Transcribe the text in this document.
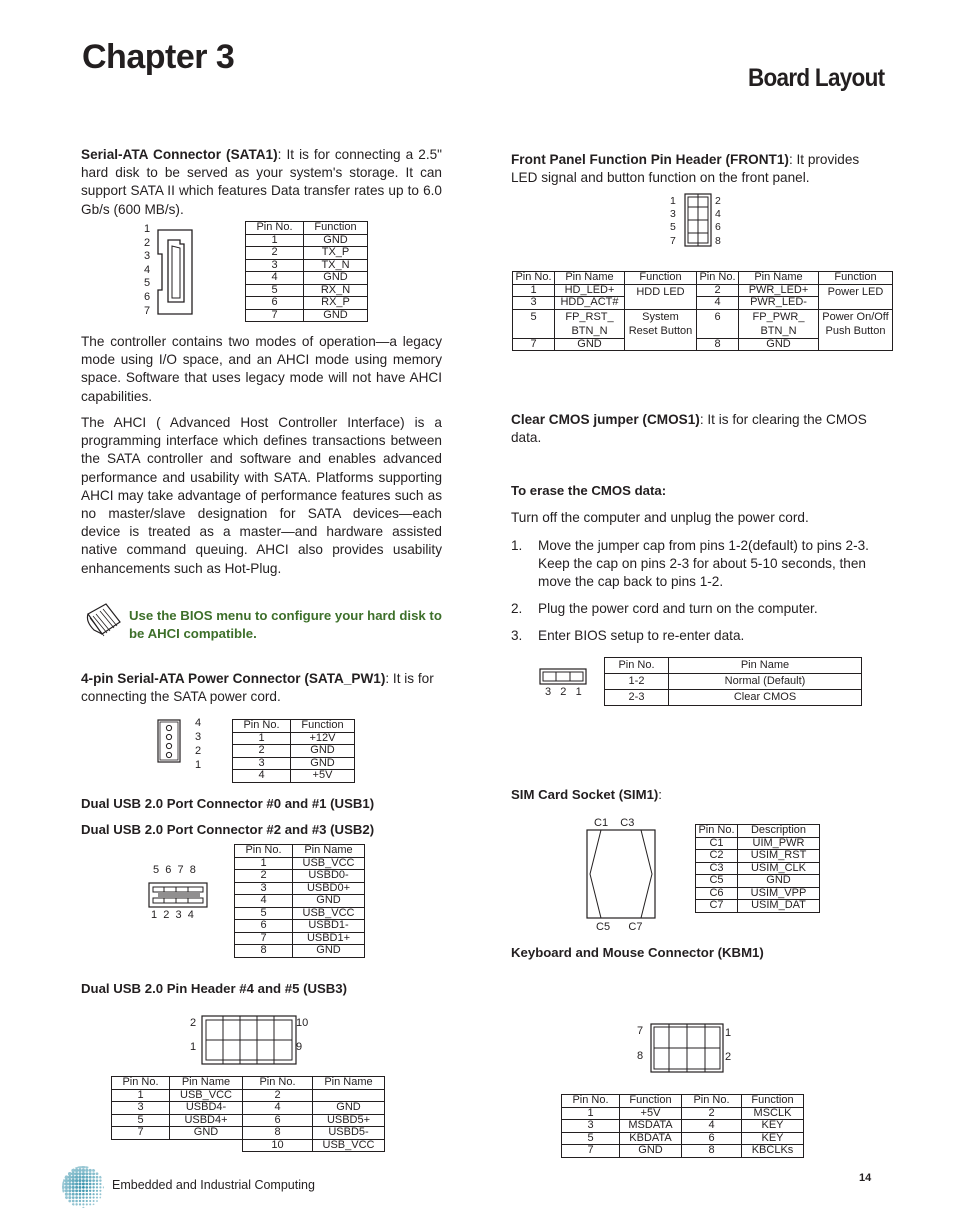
Chapter 3
Board Layout

Serial-ATA Connector (SATA1): It is for connecting a 2.5" hard disk to be served as your system's storage. It can support SATA II which features Data transfer rates up to 6.0 Gb/s (600 MB/s).

1
2
3
4
5
6
7
Pin No.	Function
1	GND
2	TX_P
3	TX_N
4	GND
5	RX_N
6	RX_P
7	GND

The controller contains two modes of operation—a legacy mode using I/O space, and an AHCI mode using memory space. Software that uses legacy mode will not have AHCI capabilities.

The AHCI ( Advanced Host Controller Interface) is a programming interface which defines transactions between the SATA controller and software and enables advanced performance and usability with SATA. Platforms supporting AHCI may take advantage of performance features such as no master/slave designation for SATA devices—each device is treated as a master—and hardware assisted native command queuing. AHCI also provides usability enhancements such as Hot-Plug.

Use the BIOS menu to configure your hard disk to be AHCI compatible.

4-pin Serial-ATA Power Connector (SATA_PW1): It is for connecting the SATA power cord.

4
3
2
1
Pin No.	Function
1	+12V
2	GND
3	GND
4	+5V
Dual USB 2.0 Port Connector #0 and #1 (USB1)
Dual USB 2.0 Port Connector #2 and #3 (USB2)
5  6  7  8
1  2  3  4
Pin No.	Pin Name
1	USB_VCC
2	USBD0-
3	USBD0+
4	GND
5	USB_VCC
6	USBD1-
7	USBD1+
8	GND
Dual USB 2.0 Pin Header #4 and #5 (USB3)
2
1
10
9
Pin No.	Pin Name	Pin No.	Pin Name
1	USB_VCC	2	
3	USBD4-	4	GND
5	USBD4+	6	USBD5+
7	GND	8	USBD5-
		10	USB_VCC
Embedded and Industrial Computing	14

Front Panel Function Pin Header (FRONT1): It provides LED signal and button function on the front panel.

1
3
5
7
2
4
6
8
Pin No.	Pin Name	Function	Pin No.	Pin Name	Function
1	HD_LED+	HDD LED	2	PWR_LED+	Power LED
3	HDD_ACT#		4	PWR_LED-	
5	FP_RST_ BTN_N	System Reset Button	6	FP_PWR_ BTN_N	Power On/Off Push Button
7	GND		8	GND	

Clear CMOS jumper (CMOS1): It is for clearing the CMOS data.

To erase the CMOS data:

Turn off the computer and unplug the power cord.

1. Move the jumper cap from pins 1-2(default) to pins 2-3. Keep the cap on pins 2-3 for about 5-10 seconds, then move the cap back to pins 1-2.
2. Plug the power cord and turn on the computer.
3. Enter BIOS setup to re-enter data.
3   2   1
Pin No.	Pin Name
1-2	Normal (Default)
2-3	Clear CMOS
SIM Card Socket (SIM1):
C1    C3
C5      C7
Pin No.	Description
C1	UIM_PWR
C2	USIM_RST
C3	USIM_CLK
C5	GND
C6	USIM_VPP
C7	USIM_DAT
Keyboard and Mouse Connector (KBM1)
7
8
1
2
Pin No.	Function	Pin No.	Function
1	+5V	2	MSCLK
3	MSDATA	4	KEY
5	KBDATA	6	KEY
7	GND	8	KBCLKs
